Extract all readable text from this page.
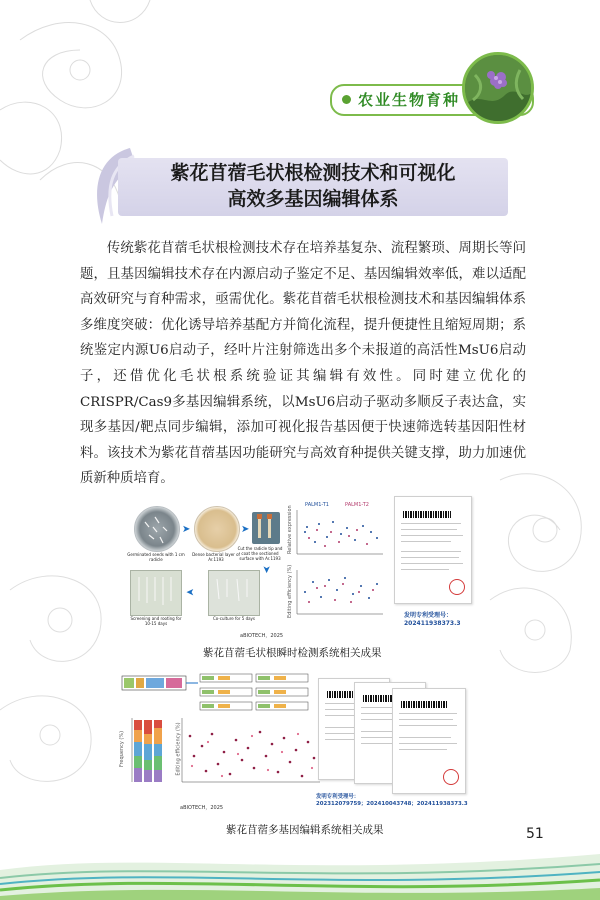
农业生物育种
紫花苜蓿毛状根检测技术和可视化
高效多基因编辑体系

传统紫花苜蓿毛状根检测技术存在培养基复杂、流程繁琐、周期长等问题，且基因编辑技术存在内源启动子鉴定不足、基因编辑效率低，难以适配高效研究与育种需求，亟需优化。紫花苜蓿毛状根检测技术和基因编辑体系多维度突破：优化诱导培养基配方并简化流程，提升便捷性且缩短周期；系统鉴定内源U6启动子，经叶片注射筛选出多个未报道的高活性MsU6启动子，还借优化毛状根系统验证其编辑有效性。同时建立优化的CRISPR/Cas9多基因编辑系统，以MsU6启动子驱动多顺反子表达盒，实现多基因/靶点同步编辑，添加可视化报告基因便于快速筛选转基因阳性材料。该技术为紫花苜蓿基因功能研究与高效育种提供关键支撑，助力加速优质新种质培育。

➤	➤
Germinated seeds with 1 cm radicle
Dense bacterial layer of Ar.1193
Cut the radicle tip and coat the sectioned surface with Ar.1193
➤
➤
Screening and rooting for 10-15 days
Co-culture for 5 days
PALM1-T1	PALM1-T2
Relative expression
Editing efficiency (%)
aBIOTECH，2025
发明专利受理号：
202411938373.3
紫花苜蓿毛状根瞬时检测系统相关成果
Frequency (%)	Editing efficiency (%)
aBIOTECH，2025
发明专利受理号：
202312079759；202410043748；202411938373.3
紫花苜蓿多基因编辑系统相关成果	51
